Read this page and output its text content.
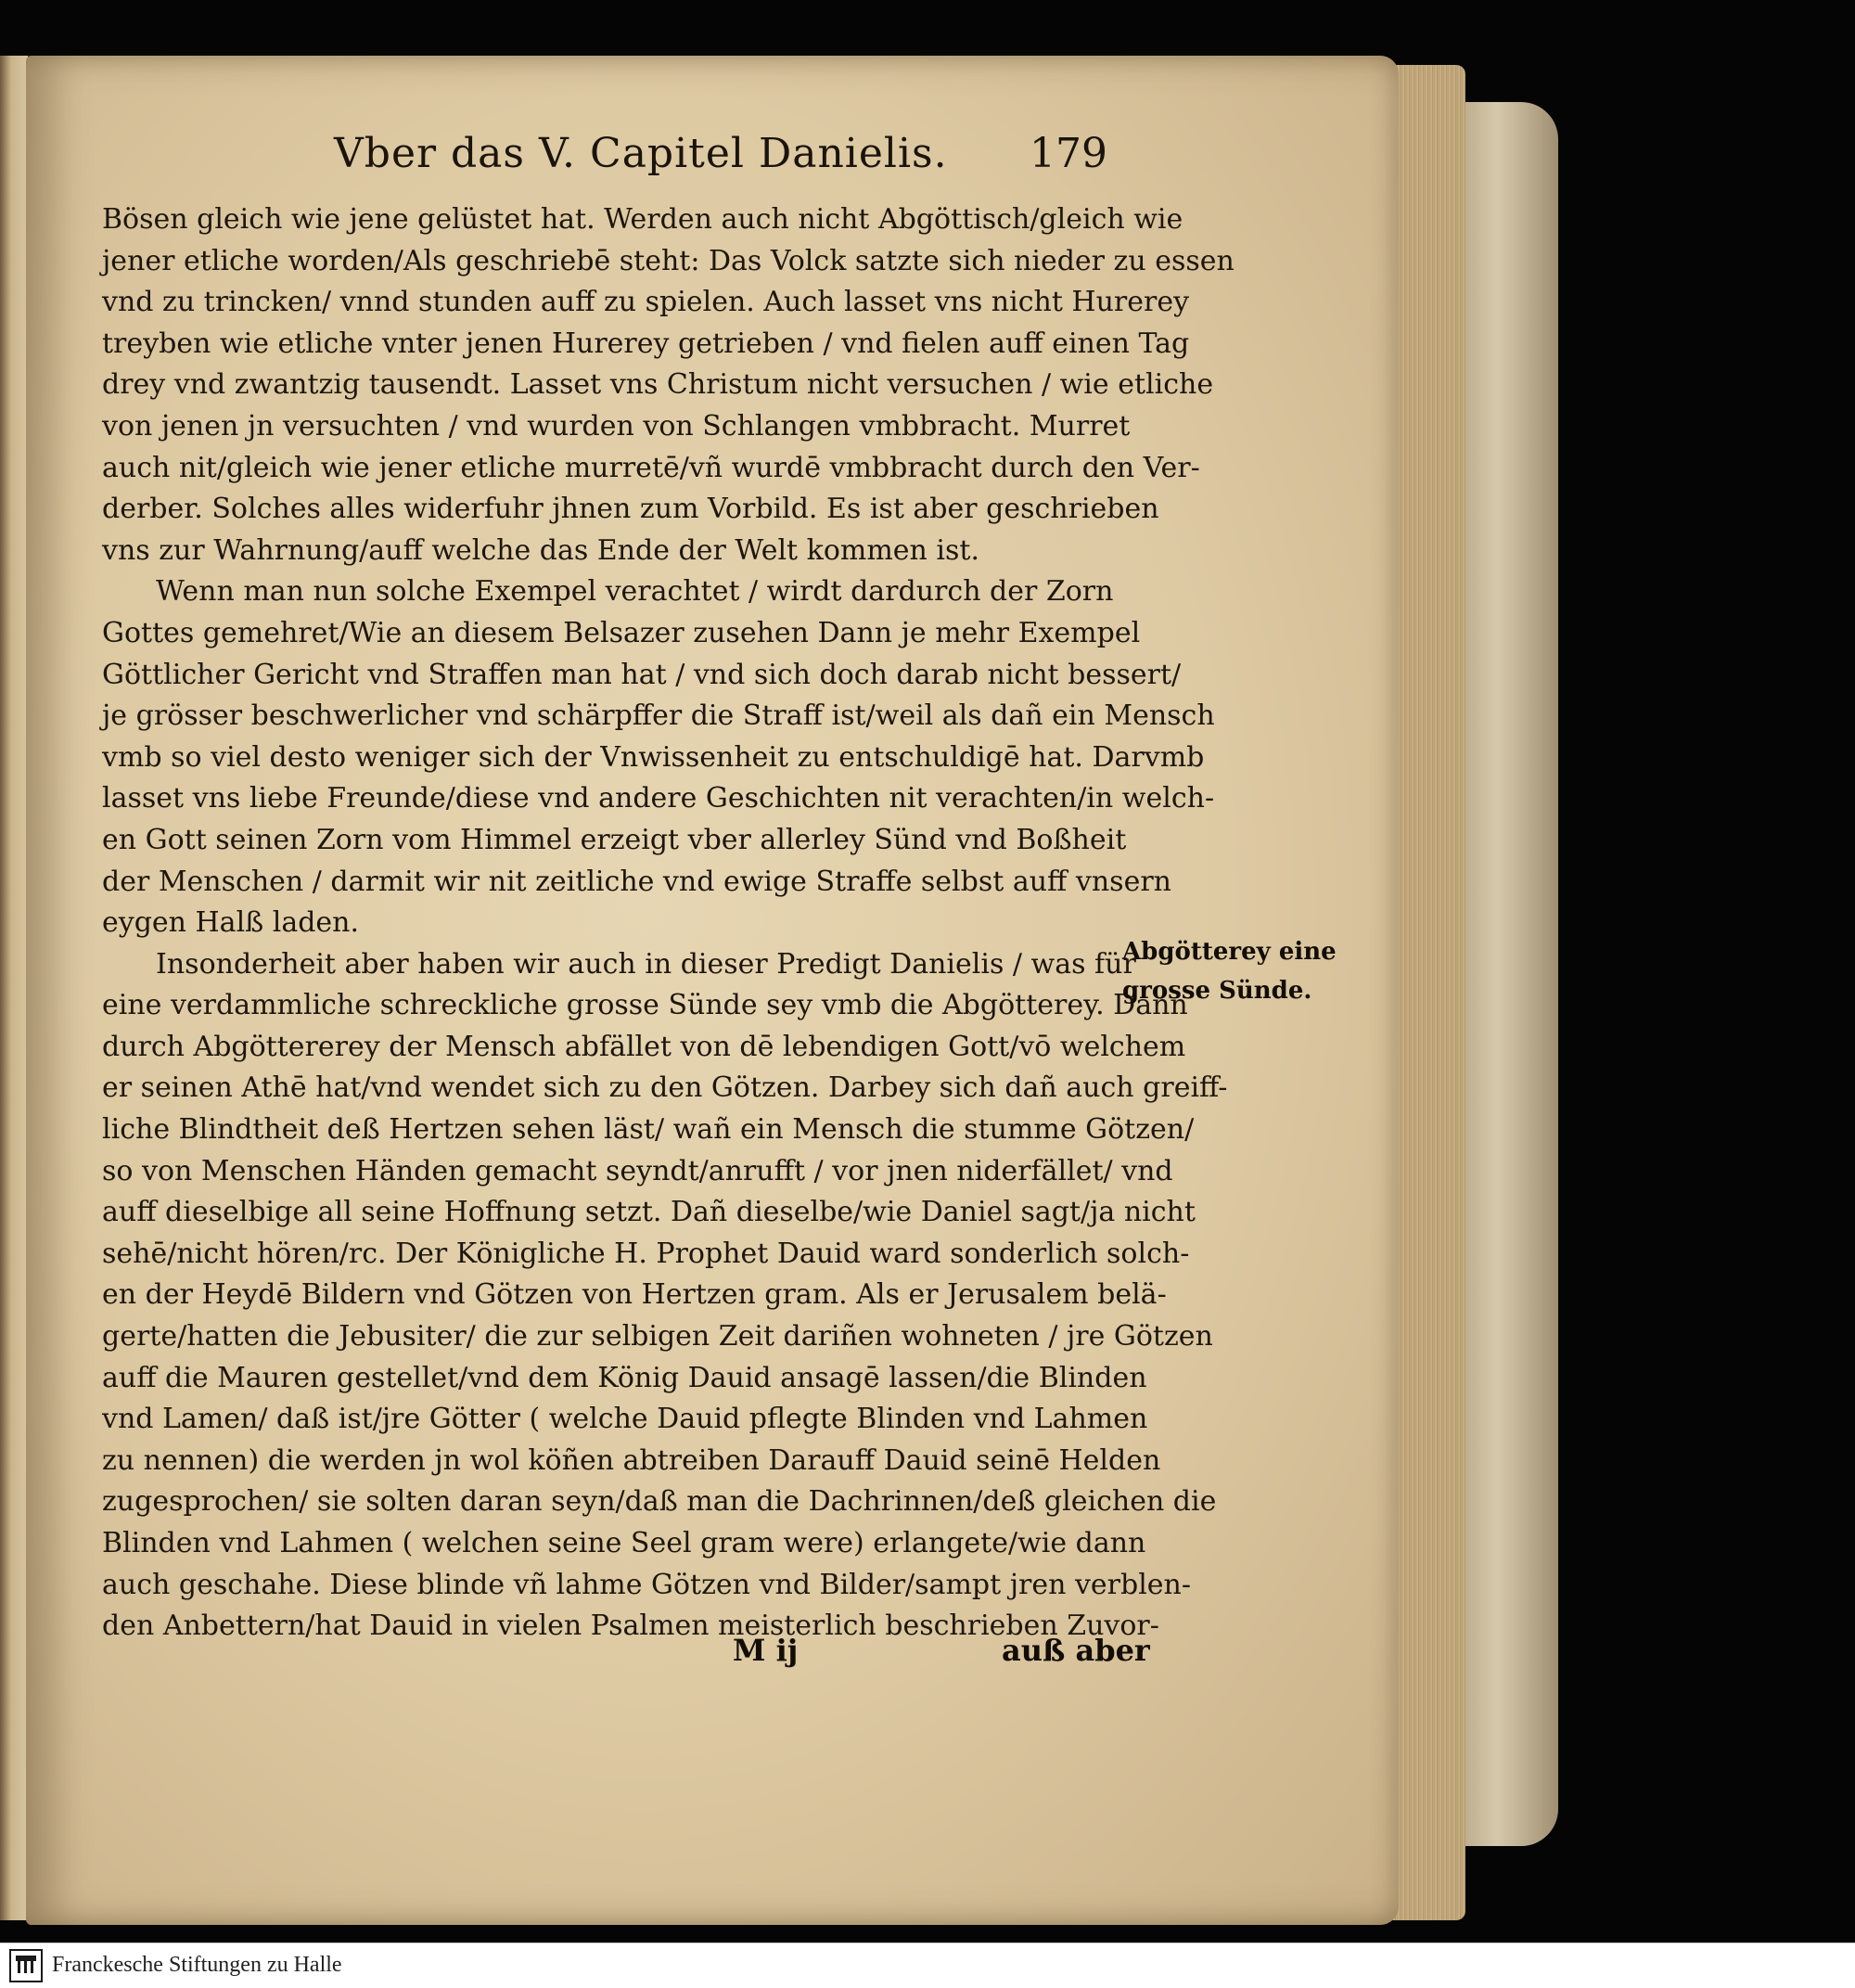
Vber das V. Capitel Danielis. 179
Bösen gleich wie jene gelüstet hat. Werden auch nicht Abgöttisch/gleich wie
jener etliche worden/Als geschriebē steht: Das Volck satzte sich nieder zu essen
vnd zu trincken/ vnnd stunden auff zu spielen. Auch lasset vns nicht Hurerey
treyben wie etliche vnter jenen Hurerey getrieben / vnd fielen auff einen Tag
drey vnd zwantzig tausendt. Lasset vns Christum nicht versuchen / wie etliche
von jenen jn versuchten / vnd wurden von Schlangen vmbbracht. Murret
auch nit/gleich wie jener etliche murretē/vñ wurdē vmbbracht durch den Ver-
derber. Solches alles widerfuhr jhnen zum Vorbild. Es ist aber geschrieben
vns zur Wahrnung/auff welche das Ende der Welt kommen ist.
Wenn man nun solche Exempel verachtet / wirdt dardurch der Zorn
Gottes gemehret/Wie an diesem Belsazer zusehen Dann je mehr Exempel
Göttlicher Gericht vnd Straffen man hat / vnd sich doch darab nicht bessert/
je grösser beschwerlicher vnd schärpffer die Straff ist/weil als dañ ein Mensch
vmb so viel desto weniger sich der Vnwissenheit zu entschuldigē hat. Darvmb
lasset vns liebe Freunde/diese vnd andere Geschichten nit verachten/in welch-
en Gott seinen Zorn vom Himmel erzeigt vber allerley Sünd vnd Boßheit
der Menschen / darmit wir nit zeitliche vnd ewige Straffe selbst auff vnsern
eygen Halß laden.
Insonderheit aber haben wir auch in dieser Predigt Danielis / was für
eine verdammliche schreckliche grosse Sünde sey vmb die Abgötterey. Dann
durch Abgöttererey der Mensch abfället von dē lebendigen Gott/vō welchem
er seinen Athē hat/vnd wendet sich zu den Götzen. Darbey sich dañ auch greiff-
liche Blindtheit deß Hertzen sehen läst/ wañ ein Mensch die stumme Götzen/
so von Menschen Händen gemacht seyndt/anrufft / vor jnen niderfället/ vnd
auff dieselbige all seine Hoffnung setzt. Dañ dieselbe/wie Daniel sagt/ja nicht
sehē/nicht hören/rc. Der Königliche H. Prophet Dauid ward sonderlich solch-
en der Heydē Bildern vnd Götzen von Hertzen gram. Als er Jerusalem belä-
gerte/hatten die Jebusiter/ die zur selbigen Zeit dariñen wohneten / jre Götzen
auff die Mauren gestellet/vnd dem König Dauid ansagē lassen/die Blinden
vnd Lamen/ daß ist/jre Götter ( welche Dauid pflegte Blinden vnd Lahmen
zu nennen) die werden jn wol köñen abtreiben Darauff Dauid seinē Helden
zugesprochen/ sie solten daran seyn/daß man die Dachrinnen/deß gleichen die
Blinden vnd Lahmen ( welchen seine Seel gram were) erlangete/wie dann
auch geschahe. Diese blinde vñ lahme Götzen vnd Bilder/sampt jren verblen-
den Anbettern/hat Dauid in vielen Psalmen meisterlich beschrieben Zuvor-
Abgötterey eine
grosse Sünde.
M ij	auß aber
Franckesche Stiftungen zu Halle
